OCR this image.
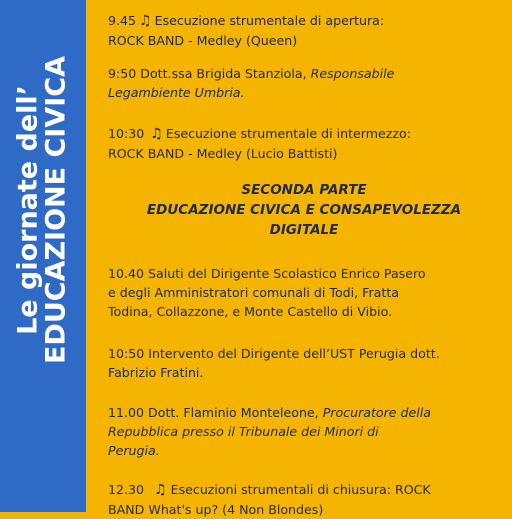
Le giornate dell’
EDUCAZIONE CIVICA
9.45 ♫ Esecuzione strumentale di apertura:
ROCK BAND - Medley (Queen)
9:50 Dott.ssa Brigida Stanziola, Responsabile
Legambiente Umbria.
10:30 ♫ Esecuzione strumentale di intermezzo:
ROCK BAND - Medley (Lucio Battisti)
SECONDA PARTE
EDUCAZIONE CIVICA E CONSAPEVOLEZZA
DIGITALE
10.40 Saluti del Dirigente Scolastico Enrico Pasero
e degli Amministratori comunali di Todi, Fratta
Todina, Collazzone, e Monte Castello di Vibio.
10:50 Intervento del Dirigente dell’UST Perugia dott.
Fabrizio Fratini.
11.00 Dott. Flaminio Monteleone, Procuratore della
Repubblica presso il Tribunale dei Minori di
Perugia.
12.30 ♫ Esecuzioni strumentali di chiusura: ROCK
BAND What's up? (4 Non Blondes)
